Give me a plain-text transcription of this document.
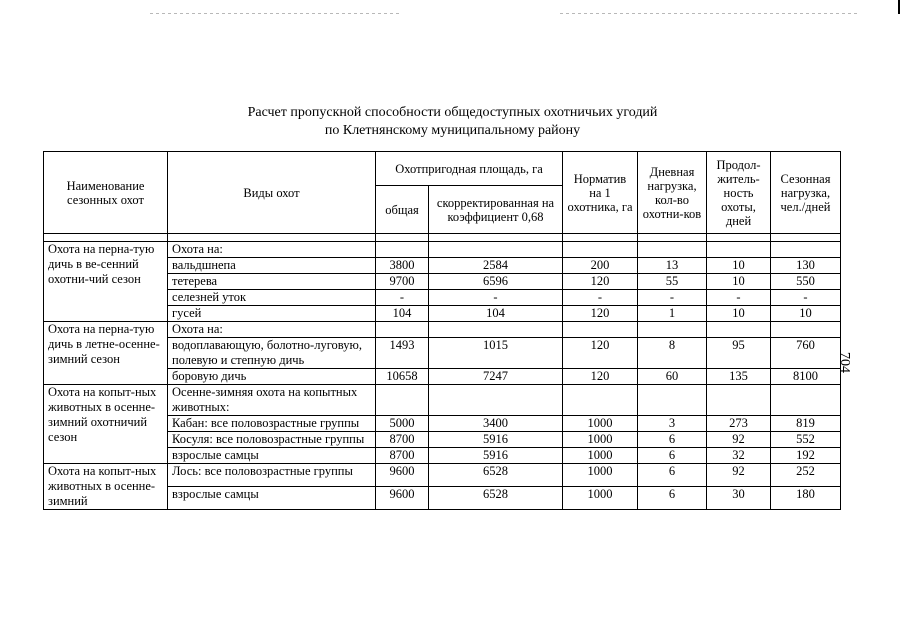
Расчет пропускной способности общедоступных охотничьих угодий
по Клетнянскому муниципальному району
704
Наименование сезонных охот	Виды охот	Охотпригодная площадь, га		Норматив на 1 охотника, га	Дневная нагрузка, кол-во охотни-ков	Продол-житель-ность охоты, дней	Сезонная нагрузка, чел./дней
		общая	скорректированная на коэффициент 0,68				

Охота на перна-тую дичь в ве-сенний охотни-чий сезон	Охота на:						
	вальдшнепа	3800	2584	200	13	10	130
	тетерева	9700	6596	120	55	10	550
	селезней уток	-	-	-	-	-	-
	гусей	104	104	120	1	10	10
Охота на перна-тую дичь в летне-осенне-зимний сезон	Охота на:						
	водоплавающую, болотно-луговую, полевую и степную дичь	1493	1015	120	8	95	760
	боровую дичь	10658	7247	120	60	135	8100
Охота на копыт-ных животных в осенне-зимний охотничий сезон	Осенне-зимняя охота на копытных животных:						
	Кабан: все половозрастные группы	5000	3400	1000	3	273	819
	Косуля: все половозрастные группы	8700	5916	1000	6	92	552
	взрослые самцы	8700	5916	1000	6	32	192
Охота на копыт-ных животных в осенне-зимний	Лось: все половозрастные группы	9600	6528	1000	6	92	252
	взрослые самцы	9600	6528	1000	6	30	180
